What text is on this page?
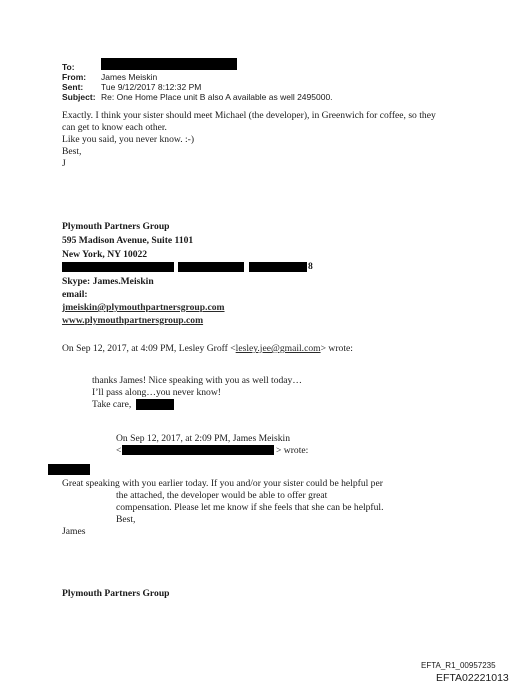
To:
From: James Meiskin
Sent: Tue 9/12/2017 8:12:32 PM
Subject: Re: One Home Place unit B also A available as well 2495000.
Exactly. I think your sister should meet Michael (the developer), in Greenwich for coffee, so they
can get to know each other.
Like you said, you never know. :-)
Best,
J
Plymouth Partners Group
595 Madison Avenue, Suite 1101
New York, NY 10022
8
Skype: James.Meiskin
email:
jmeiskin@plymouthpartnersgroup.com
www.plymouthpartnersgroup.com
On Sep 12, 2017, at 4:09 PM, Lesley Groff <lesley.jee@gmail.com> wrote:
thanks James! Nice speaking with you as well today…
I’ll pass along…you never know!
Take care,
On Sep 12, 2017, at 2:09 PM, James Meiskin
<	> wrote:
Great speaking with you earlier today. If you and/or your sister could be helpful per
the attached, the developer would be able to offer great
compensation. Please let me know if she feels that she can be helpful.
Best,
James
Plymouth Partners Group
EFTA_R1_00957235
EFTA02221013
